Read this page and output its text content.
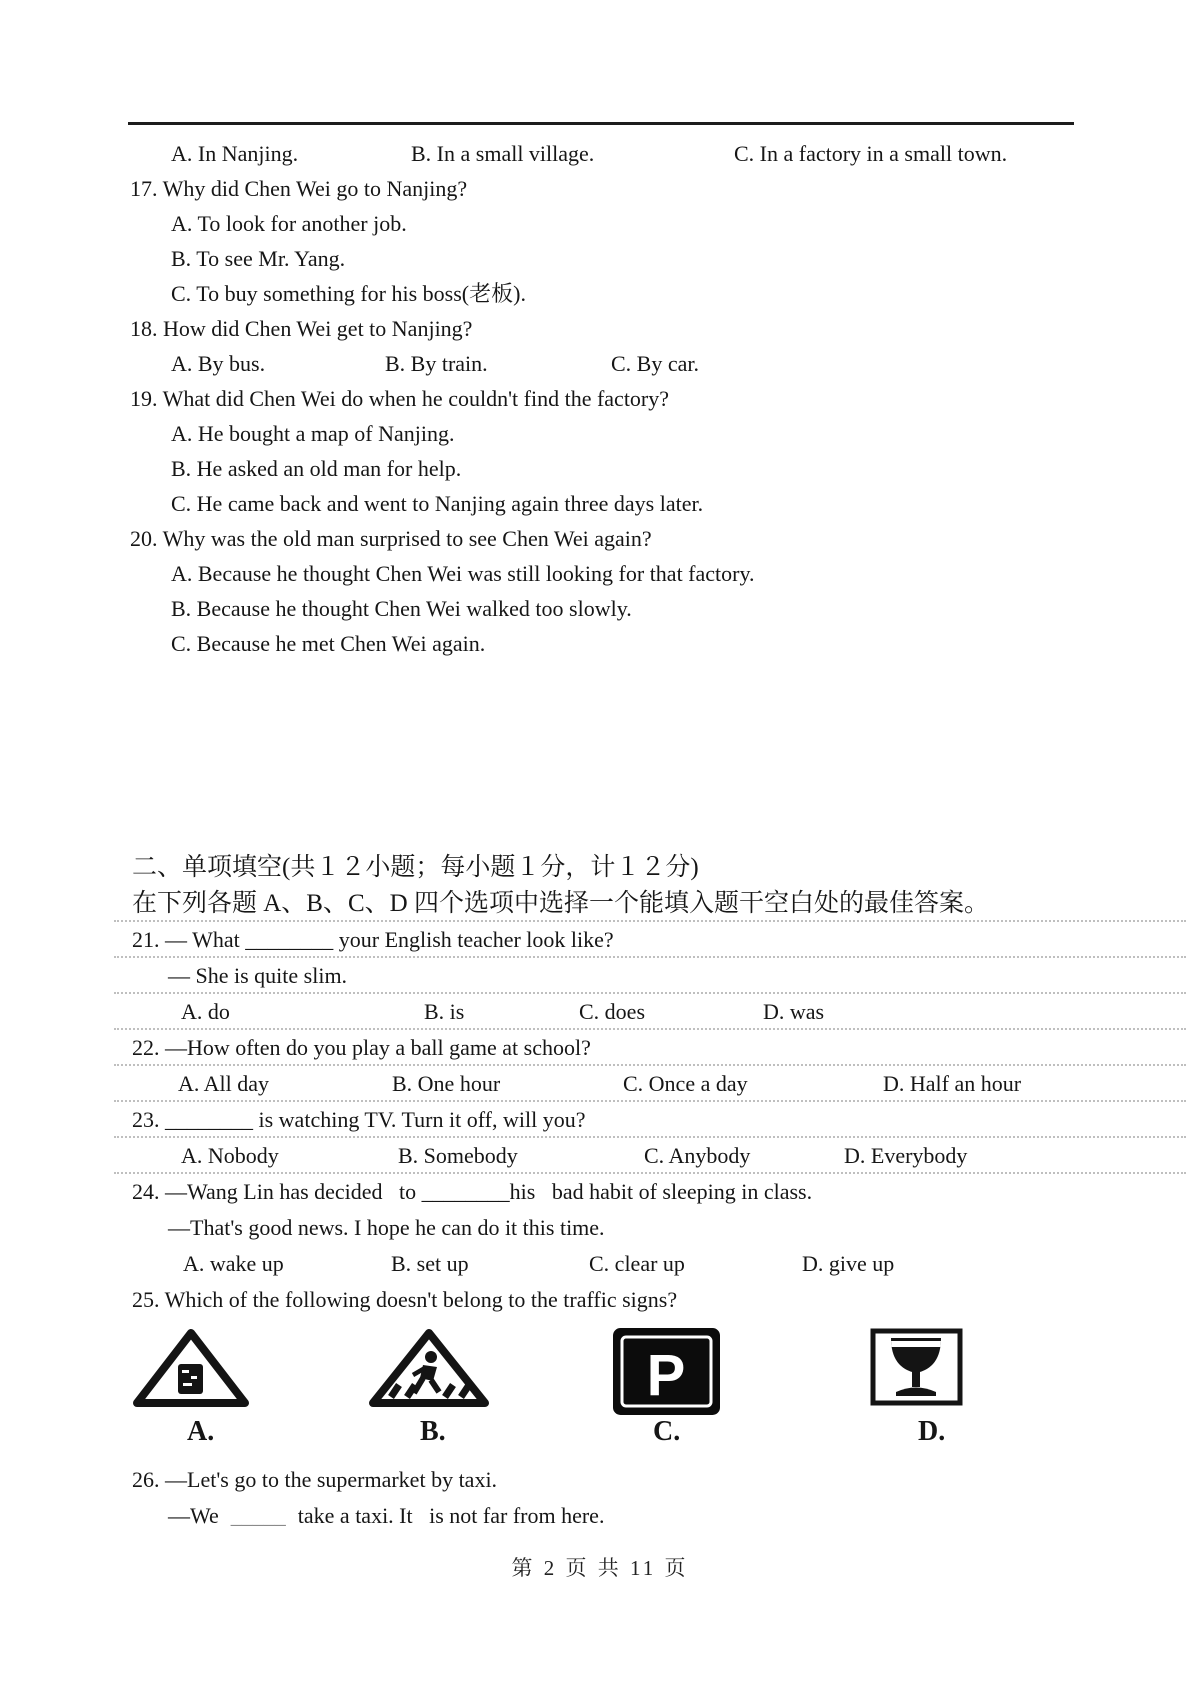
A. In Nanjing.

	B. In a small village.

	C. In a factory in a small town.

17. Why did Chen Wei go to Nanjing?
A. To look for another job.
B. To see Mr. Yang.
C. To buy something for his boss(老板).
18. How did Chen Wei get to Nanjing?

A. By bus.

	B. By train.

	C. By car.

19. What did Chen Wei do when he couldn't find the factory?
A. He bought a map of Nanjing.
B. He asked an old man for help.
C. He came back and went to Nanjing again three days later.
20. Why was the old man surprised to see Chen Wei again?
A. Because he thought Chen Wei was still looking for that factory.
B. Because he thought Chen Wei walked too slowly.
C. Because he met Chen Wei again.
二、单项填空(共１２小题；每小题１分，计１２分)
在下列各题 A、B、C、D 四个选项中选择一个能填入题干空白处的最佳答案。
21. — What ________ your English teacher look like?
— She is quite slim.
A. do	B. is	C. does	D. was
22. —How often do you play a ball game at school?
A. All day	B. One hour	C. Once a day	D. Half an hour
23. ________ is watching TV. Turn it off, will you?
A. Nobody	B. Somebody	C. Anybody	D. Everybody
24. —Wang Lin has decided   to ________his   bad habit of sleeping in class.
—That's good news. I hope he can do it this time.
A. wake up	B. set up	C. clear up	D. give up
25. Which of the following doesn't belong to the traffic signs?
P
A.	B.	C.	D.
26. —Let's go to the supermarket by taxi.
—We _____ take a taxi. It   is not far from here.
第 2 页 共 11 页
